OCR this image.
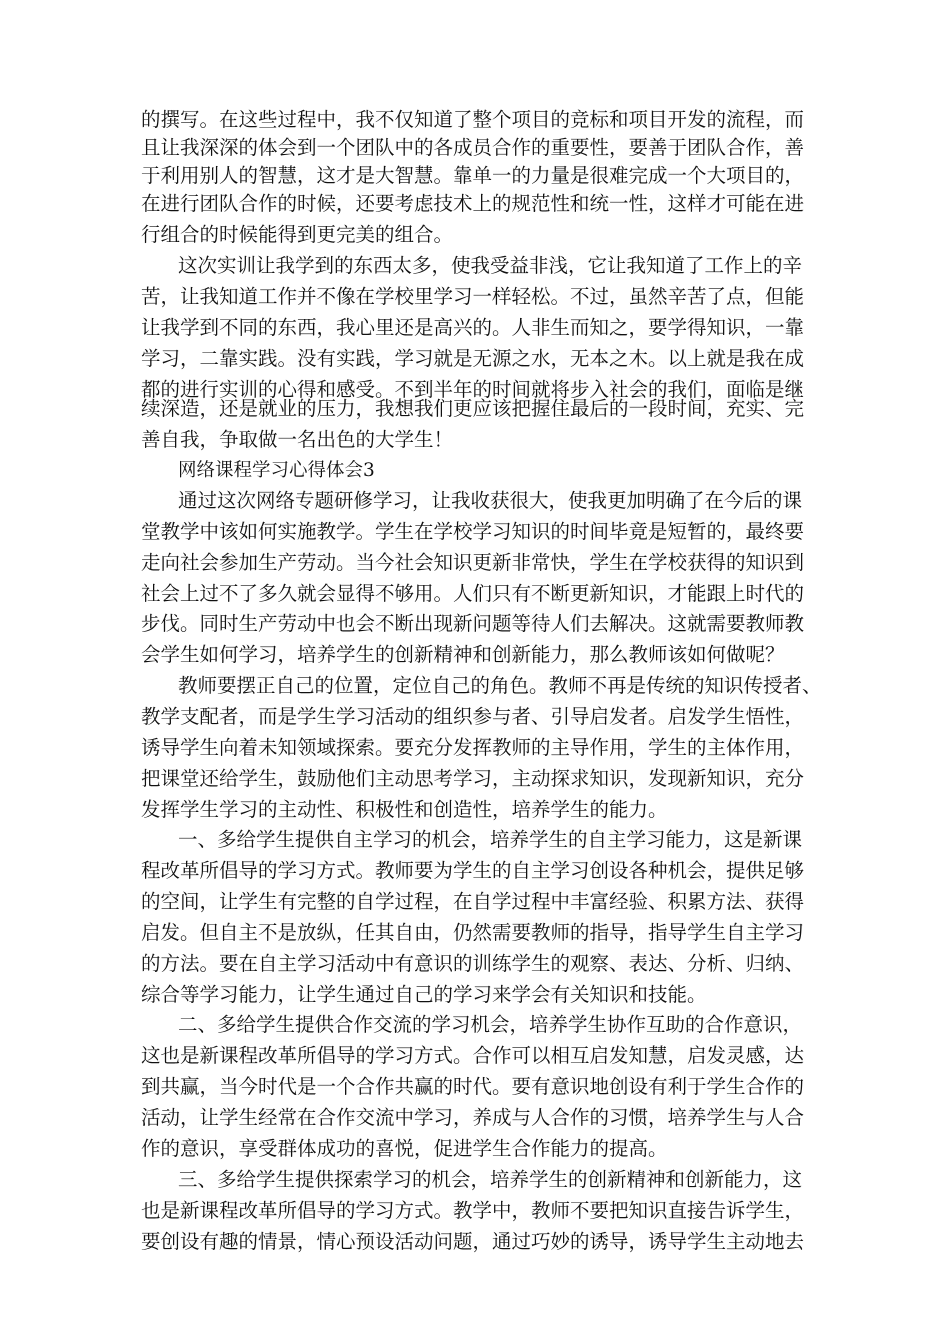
的撰写。在这些过程中，我不仅知道了整个项目的竞标和项目开发的流程，而
且让我深深的体会到一个团队中的各成员合作的重要性，要善于团队合作，善
于利用别人的智慧，这才是大智慧。靠单一的力量是很难完成一个大项目的，
在进行团队合作的时候，还要考虑技术上的规范性和统一性，这样才可能在进
行组合的时候能得到更完美的组合。
这次实训让我学到的东西太多，使我受益非浅，它让我知道了工作上的辛
苦，让我知道工作并不像在学校里学习一样轻松。不过，虽然辛苦了点，但能
让我学到不同的东西，我心里还是高兴的。人非生而知之，要学得知识，一靠
学习，二靠实践。没有实践，学习就是无源之水，无本之木。以上就是我在成
都的进行实训的心得和感受。不到半年的时间就将步入社会的我们，面临是继
续深造，还是就业的压力，我想我们更应该把握住最后的一段时间，充实、完
善自我，争取做一名出色的大学生！
网络课程学习心得体会3
通过这次网络专题研修学习，让我收获很大，使我更加明确了在今后的课
堂教学中该如何实施教学。学生在学校学习知识的时间毕竟是短暂的，最终要
走向社会参加生产劳动。当今社会知识更新非常快，学生在学校获得的知识到
社会上过不了多久就会显得不够用。人们只有不断更新知识，才能跟上时代的
步伐。同时生产劳动中也会不断出现新问题等待人们去解决。这就需要教师教
会学生如何学习，培养学生的创新精神和创新能力，那么教师该如何做呢？
教师要摆正自己的位置，定位自己的角色。教师不再是传统的知识传授者、
教学支配者，而是学生学习活动的组织参与者、引导启发者。启发学生悟性，
诱导学生向着未知领域探索。要充分发挥教师的主导作用，学生的主体作用，
把课堂还给学生，鼓励他们主动思考学习，主动探求知识，发现新知识，充分
发挥学生学习的主动性、积极性和创造性，培养学生的能力。
一、多给学生提供自主学习的机会，培养学生的自主学习能力，这是新课
程改革所倡导的学习方式。教师要为学生的自主学习创设各种机会，提供足够
的空间，让学生有完整的自学过程，在自学过程中丰富经验、积累方法、获得
启发。但自主不是放纵，任其自由，仍然需要教师的指导，指导学生自主学习
的方法。要在自主学习活动中有意识的训练学生的观察、表达、分析、归纳、
综合等学习能力，让学生通过自己的学习来学会有关知识和技能。
二、多给学生提供合作交流的学习机会，培养学生协作互助的合作意识，
这也是新课程改革所倡导的学习方式。合作可以相互启发知慧，启发灵感，达
到共赢，当今时代是一个合作共赢的时代。要有意识地创设有利于学生合作的
活动，让学生经常在合作交流中学习，养成与人合作的习惯，培养学生与人合
作的意识，享受群体成功的喜悦，促进学生合作能力的提高。
三、多给学生提供探索学习的机会，培养学生的创新精神和创新能力，这
也是新课程改革所倡导的学习方式。教学中，教师不要把知识直接告诉学生，
要创设有趣的情景，情心预设活动问题，通过巧妙的诱导，诱导学生主动地去
